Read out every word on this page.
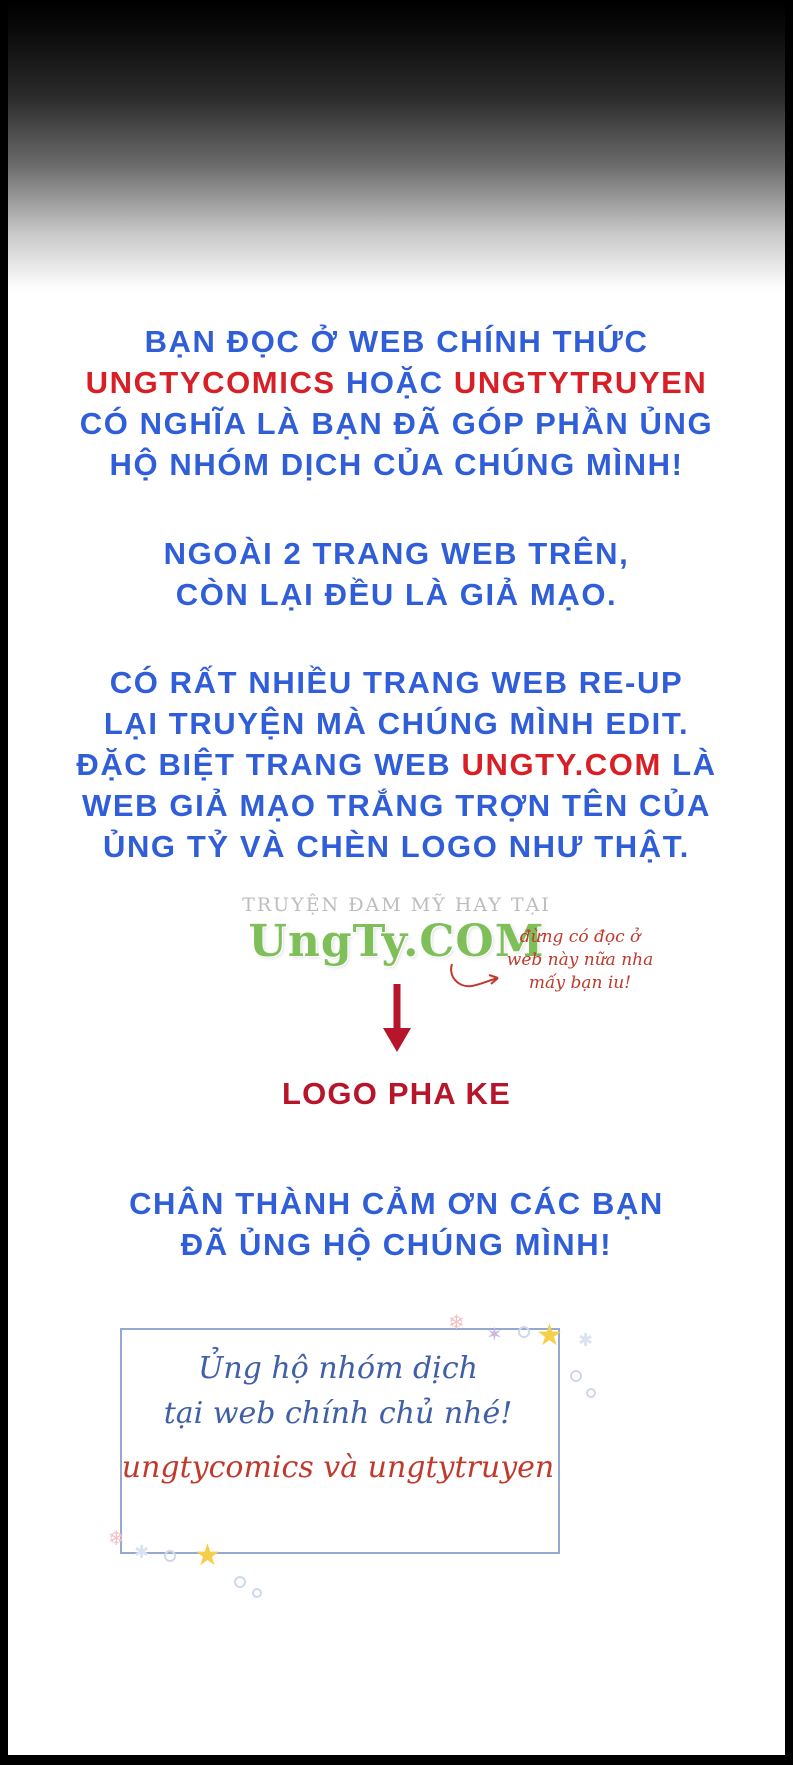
BẠN ĐỌC Ở WEB CHÍNH THỨC
UNGTYCOMICS HOẶC UNGTYTRUYEN
CÓ NGHĨA LÀ BẠN ĐÃ GÓP PHẦN ỦNG
HỘ NHÓM DỊCH CỦA CHÚNG MÌNH!
NGOÀI 2 TRANG WEB TRÊN,
CÒN LẠI ĐỀU LÀ GIẢ MẠO.
CÓ RẤT NHIỀU TRANG WEB RE-UP
LẠI TRUYỆN MÀ CHÚNG MÌNH EDIT.
ĐẶC BIỆT TRANG WEB UNGTY.COM LÀ
WEB GIẢ MẠO TRẮNG TRỢN TÊN CỦA
ỦNG TỶ VÀ CHÈN LOGO NHƯ THẬT.
TRUYỆN ĐAM MỸ HAY TẠI
UngTy.COM
đừng có đọc ở web này nữa nha mấy bạn iu!
LOGO PHA KE
CHÂN THÀNH CẢM ƠN CÁC BẠN
ĐÃ ỦNG HỘ CHÚNG MÌNH!
❄
✶ ★ ✱
❄
✱ ★
Ủng hộ nhóm dịch
tại web chính chủ nhé!
ungtycomics và ungtytruyen
